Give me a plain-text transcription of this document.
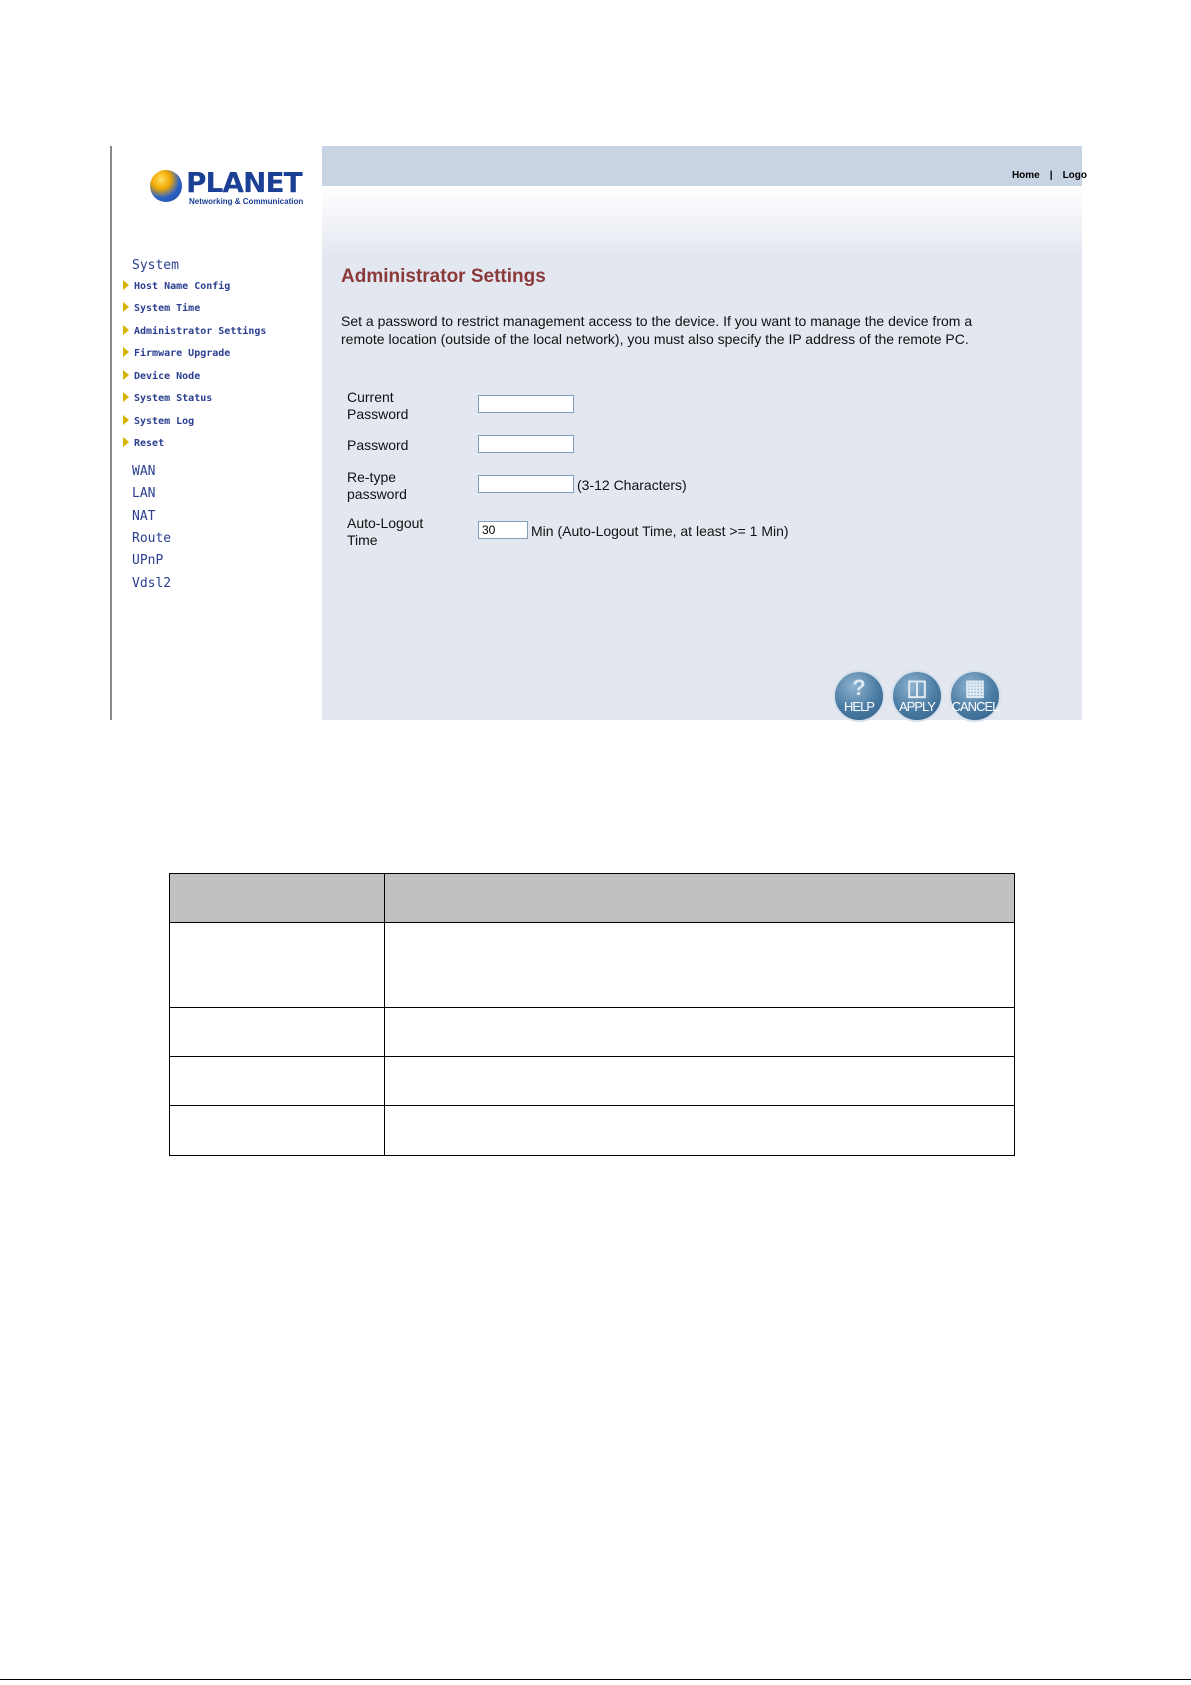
PLANET
Networking & Communication
System
Host Name Config
System Time
Administrator Settings
Firmware Upgrade
Device Node
System Status
System Log
Reset
WAN
LAN
NAT
Route
UPnP
Vdsl2
Home | Logo
Administrator Settings
Set a password to restrict management access to the device. If you want to manage the device from a remote location (outside of the local network), you must also specify the IP address of the remote PC.
Current Password
Password
Re-type password
(3-12 Characters)
Auto-Logout Time
30
Min (Auto-Logout Time, at least >= 1 Min)
?
HELP
◫
APPLY
▦
CANCEL
